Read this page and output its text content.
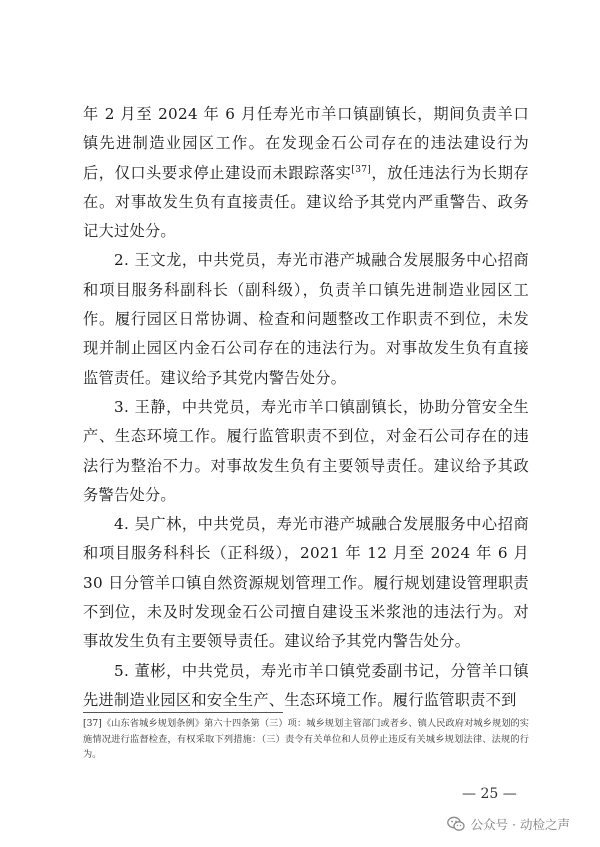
年 2 月至 2024 年 6 月任寿光市羊口镇副镇长，期间负责羊口镇先进制造业园区工作。在发现金石公司存在的违法建设行为后，仅口头要求停止建设而未跟踪落实[37]，放任违法行为长期存在。对事故发生负有直接责任。建议给予其党内严重警告、政务记大过处分。

2. 王文龙，中共党员，寿光市港产城融合发展服务中心招商和项目服务科副科长（副科级），负责羊口镇先进制造业园区工作。履行园区日常协调、检查和问题整改工作职责不到位，未发现并制止园区内金石公司存在的违法行为。对事故发生负有直接监管责任。建议给予其党内警告处分。

3. 王静，中共党员，寿光市羊口镇副镇长，协助分管安全生产、生态环境工作。履行监管职责不到位，对金石公司存在的违法行为整治不力。对事故发生负有主要领导责任。建议给予其政务警告处分。

4. 吴广林，中共党员，寿光市港产城融合发展服务中心招商和项目服务科科长（正科级），2021 年 12 月至 2024 年 6 月 30 日分管羊口镇自然资源规划管理工作。履行规划建设管理职责不到位，未及时发现金石公司擅自建设玉米浆池的违法行为。对事故发生负有主要领导责任。建议给予其党内警告处分。

5. 董彬，中共党员，寿光市羊口镇党委副书记，分管羊口镇先进制造业园区和安全生产、生态环境工作。履行监管职责不到

[37]《山东省城乡规划条例》第六十四条第（三）项：城乡规划主管部门或者乡、镇人民政府对城乡规划的实施情况进行监督检查，有权采取下列措施：（三）责令有关单位和人员停止违反有关城乡规划法律、法规的行为。
— 25 —
公众号 · 动检之声
